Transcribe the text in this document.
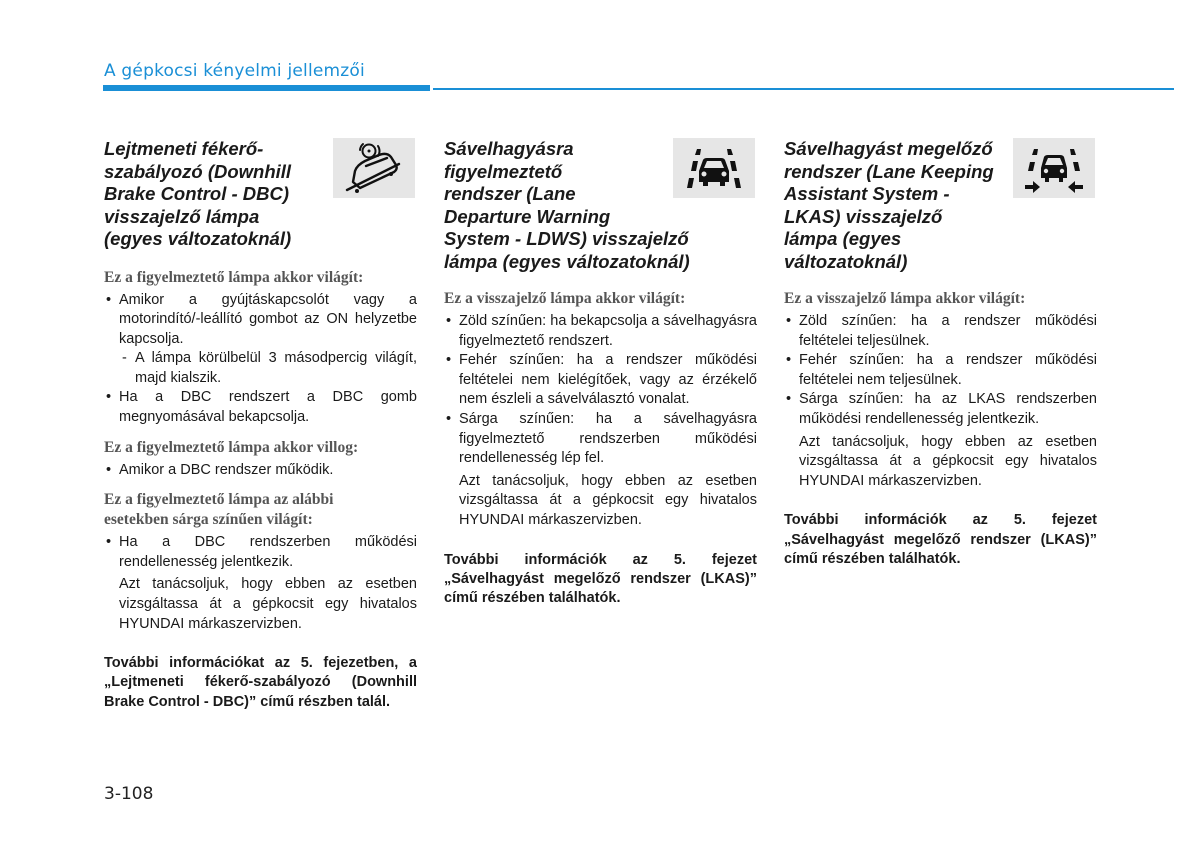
A gépkocsi kényelmi jellemzői

Lejtmeneti fékerő-

szabályozó (Downhill

Brake Control - DBC)

visszajelző lámpa

(egyes változatoknál)

Ez a figyelmeztető lámpa akkor világít:

• Amikor a gyújtáskapcsolót vagy a motorindító/-leállító gombot az ON helyzetbe kapcsolja.
- A lámpa körülbelül 3 másodpercig világít, majd kialszik.
• Ha a DBC rendszert a DBC gomb megnyomásával bekapcsolja.

Ez a figyelmeztető lámpa akkor villog:

• Amikor a DBC rendszer működik.

Ez a figyelmeztető lámpa az alábbi

esetekben sárga színűen világít:

• Ha a DBC rendszerben működési rendellenesség jelentkezik.
Azt tanácsoljuk, hogy ebben az esetben vizsgáltassa át a gépkocsit egy hivatalos HYUNDAI márkaszervizben.
További információkat az 5. fejezetben, a „Lejtmeneti fékerő-szabályozó (Downhill Brake Control - DBC)” című részben talál.

Sávelhagyásra

figyelmeztető

rendszer (Lane

Departure Warning

System - LDWS) visszajelző

lámpa (egyes változatoknál)

Ez a visszajelző lámpa akkor világít:

• Zöld színűen: ha bekapcsolja a sávelhagyásra figyelmeztető rendszert.
• Fehér színűen: ha a rendszer működési feltételei nem kielégítőek, vagy az érzékelő nem észleli a sávelválasztó vonalat.
• Sárga színűen: ha a sávelhagyásra figyelmeztető rendszerben működési rendellenesség lép fel.
Azt tanácsoljuk, hogy ebben az esetben vizsgáltassa át a gépkocsit egy hivatalos HYUNDAI márkaszervizben.
További információk az 5. fejezet „Sávelhagyást megelőző rendszer (LKAS)” című részében találhatók.

Sávelhagyást megelőző

rendszer (Lane Keeping

Assistant System -

LKAS) visszajelző

lámpa (egyes

változatoknál)

Ez a visszajelző lámpa akkor világít:

• Zöld színűen: ha a rendszer működési feltételei teljesülnek.
• Fehér színűen: ha a rendszer működési feltételei nem teljesülnek.
• Sárga színűen: ha az LKAS rendszerben működési rendellenesség jelentkezik.
Azt tanácsoljuk, hogy ebben az esetben vizsgáltassa át a gépkocsit egy hivatalos HYUNDAI márkaszervizben.
További információk az 5. fejezet „Sávelhagyást megelőző rendszer (LKAS)” című részében találhatók.
3-108
